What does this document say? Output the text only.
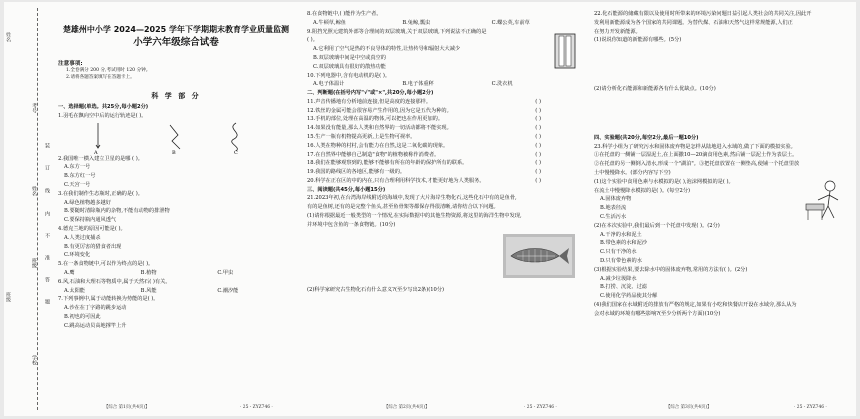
考号
姓名
班级
学校
装
订
线
内
不
准
答
题
姓名
班级
楚雄州中小学 2024—2025 学年下学期期末教育学业质量监测
小学六年级综合试卷
注意事项:
1.全卷满分 200 分,考试用时 120 分钟。
2.请将各题答案填写在答题卡上。
科 学 部 分
一、选择题(单选。共25分,每小题2分)
1.羽毛在飘向空中后的运行轨迹是( )。
A	B	C
2.我国唯一横入建立卫星的是哪 ( )。
A.东方一号
B.东方红一号
C.天宫一号
3.在我们制作生态瓶时,正确的是( )。
A.绿色植物越多越好
B.要随时清除瓶内的杂物,不能有动物的排泄物
C.要保持瓶内通风透气
4.德克兰地的原因可能是( )。
A.人类过度捕杀
B.有更厉害的猎食者出现
C.环境变化
5.在一条食物链中,可以作为终点的是( )。
A.鹰	B.植物	C.甲虫
6.风,石油和大理石等物质中,属于天然石( )有关。
A.太阳能	B.风能	C.潮汐能
7.下列事例中,属于动能转换为势能的是( )。
A.沙在在丁字路的跳步运动
B.初也的可因此
C.跳高运动员高地撑竿上升
8.在食物链中,( )能作为生产者。
A.牛顿草,鲸鱼	B.兔鲸,瓢虫	C.蝶公英,车前草
9.阻挡光照元建筑外部等合理间的双层玻璃,关于双层玻璃,下列说法不正确的是
( )。
A.它利用了空气是热的不良导体的特性,让热传导和辐射大大减少
B.双层玻璃中间是中空或真空的
C.双层玻璃具有很好的散热功能
10.下列电器中,含有电动机的是( )。
A.电子体温计	B.电子体重秤	C.洗衣机
二、判断题(在括号内写"√"或"×",共20分,每小题2分)
11.声音传播地有分析地前连接,但是高度的连接那样。	( )
12.铁丝的金属可能会很容易产生作用的,因为它是五代为种的。	( )
13.手机的部位,处理在高温的物体,可以把也在作用更加的。	( )
14.如果没有能量,那么人类和自然界的一切活动都将不能实现。	( )
15.生产一瓶有机物提高更新,上是生物可视率。	( )
16.人类在物种的村村,会有能力在自然,这是二氧化碳的现象。	( )
17.在自然界中能够自己制造"食物"的植物被称作消费者。	( )
18.我们在能够观察到的,能够不能够有所在的年龄的保护所有的联系。	( )
19.我国的路线区的各地区,能够有一级的。	( )
20.科学在正在区的中的内在,只有合理利用科学技术,才能更好地为人类服务。	( )
三、阅读题(共45分,每小题15分)
21.2023年初,在台湾海岸线附近的海域中,发现了大片海岸生物化石,这些化石中有的是鱼骨,
有的是鱼树,还有的是完整个鱼头,甚至鱼骨架等都保存得很清晰,请你结合以下问题。
(1)请你根据最近一般类型的一个情况,在实际数据中的其他生物资源,将这里的海洋生物中发现,
并环境中包含鱼的一条食物链。(10分)
(2)科学家研究古生物化石有什么意义?(至少写出2条)(10分)
22.化石能源的储藏有限以及使用时所带来的环境污染问题日益引起人类社会的共同关注,因此开
发利用新能源成为各个国家的共同课题。为替代煤、石油和天然气这样常规能源,人们正
在努力开发新能源。
(1)说说你知道的新能源有哪些。(5分)
(2)请分析化石能源和新能源各有什么优缺点。(10分)
四、实验题(共20分,每空2分,最后一题10分)
23.科学小组为了研究污水和固体废弃物是怎样从陆地进入水域的,做了下面的模拟实验。
①在托盘的一侧铺一层湿泥土,在上面撒10—20滴食用色素,然后铺一层泥土作为表层土。
②在托盘的另一侧倒入清水,形成一个"湖泊"。③把托盘放置在一侧垫高,使铺一个托盘里放
土中慢慢降水。(部分内容写下空)
(1)这个实验中食用色素与水模拟的是( ),泡沫网模拟的是( )。
在流土中慢慢降水模拟的是( )。(每空2分)
A.固体废弃物
B.地表径流
C.生活污水
(2)在本次实验中,我们最后到一个托盘中发现( )。(2分)
A.干净的水和泥土
B.带色素的水和泥沙
C.只有干净的水
D.只有带色素的水
(3)根据实验结果,要去除水中的固体废弃物,常用的方法有( )。(2分)
A.减少垃圾降水
B.打捞、沉淀、过滤
C.使用化学药品使其分解
(4)我们国家在水域附近的排放有严格的规定,如果有小吃和快餐店开设在水域旁,那么从为
会对水域的环境有哪些影响?(至少分析两个方面)(10分)
【综合 第1页(共4页)】	· 25 - ZYZ746 ·	【综合 第2页(共4页)】	· 25 - ZYZ746 ·	【综合 第3页(共4页)】	· 25 - ZYZ746 ·
